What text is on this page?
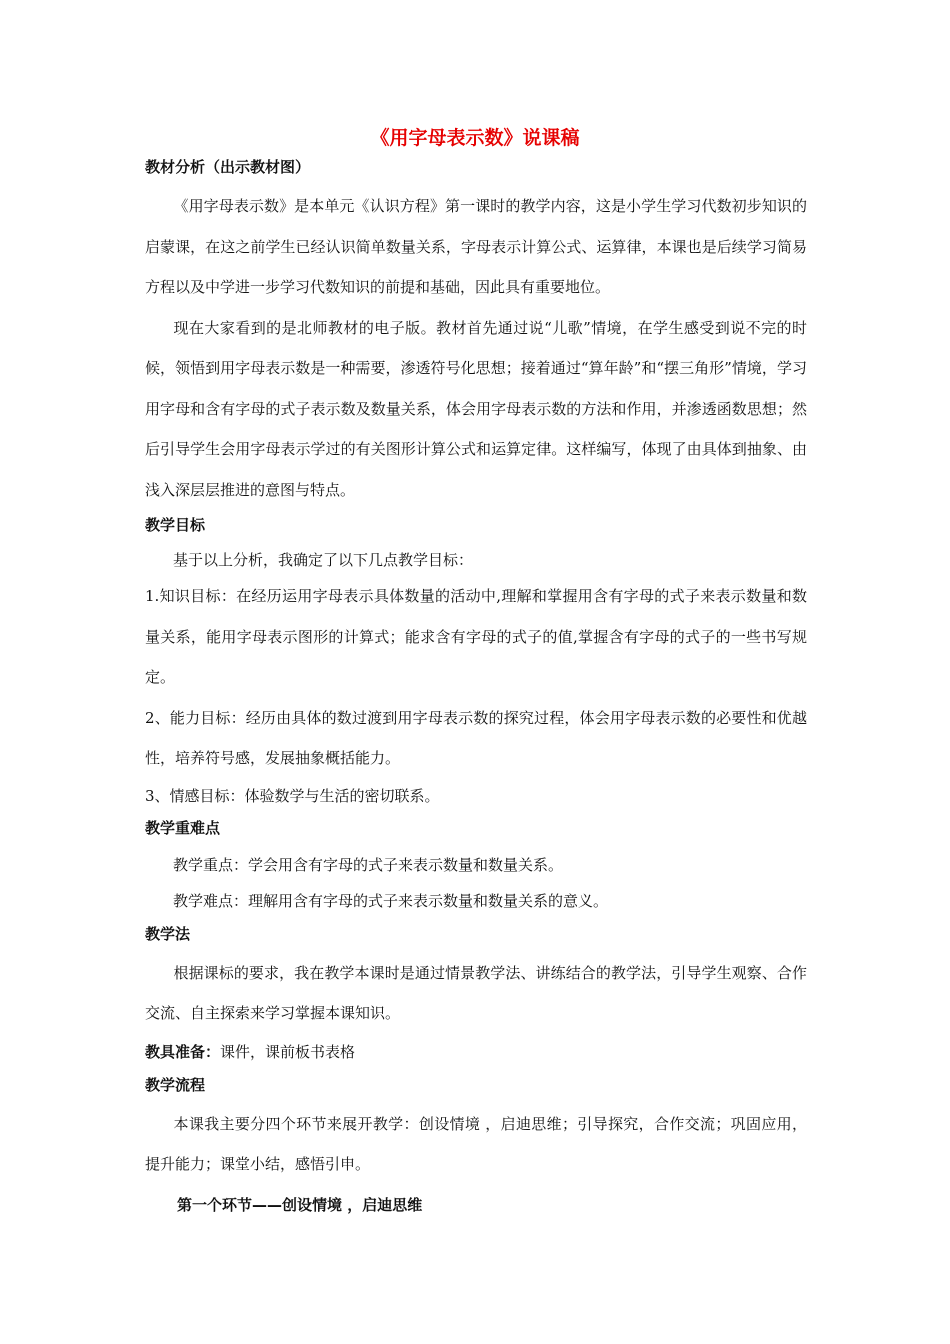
《用字母表示数》说课稿
教材分析（出示教材图）

《用字母表示数》是本单元《认识方程》第一课时的教学内容，这是小学生学习代数初步知识的启蒙课，在这之前学生已经认识简单数量关系，字母表示计算公式、运算律，本课也是后续学习简易方程以及中学进一步学习代数知识的前提和基础，因此具有重要地位。

现在大家看到的是北师教材的电子版。教材首先通过说“儿歌”情境，在学生感受到说不完的时候，领悟到用字母表示数是一种需要，渗透符号化思想；接着通过“算年龄”和“摆三角形”情境，学习用字母和含有字母的式子表示数及数量关系，体会用字母表示数的方法和作用，并渗透函数思想；然后引导学生会用字母表示学过的有关图形计算公式和运算定律。这样编写，体现了由具体到抽象、由浅入深层层推进的意图与特点。

教学目标

基于以上分析，我确定了以下几点教学目标：

1.知识目标：在经历运用字母表示具体数量的活动中,理解和掌握用含有字母的式子来表示数量和数量关系，能用字母表示图形的计算式；能求含有字母的式子的值,掌握含有字母的式子的一些书写规定。

2、能力目标：经历由具体的数过渡到用字母表示数的探究过程，体会用字母表示数的必要性和优越性，培养符号感，发展抽象概括能力。

3、情感目标：体验数学与生活的密切联系。

教学重难点

教学重点：学会用含有字母的式子来表示数量和数量关系。

教学难点：理解用含有字母的式子来表示数量和数量关系的意义。

教学法

根据课标的要求，我在教学本课时是通过情景教学法、讲练结合的教学法，引导学生观察、合作交流、自主探索来学习掌握本课知识。

教具准备：课件，课前板书表格

教学流程

本课我主要分四个环节来展开教学：创设情境 ，启迪思维；引导探究，合作交流；巩固应用，提升能力；课堂小结，感悟引申。

第一个环节——创设情境 ，启迪思维
